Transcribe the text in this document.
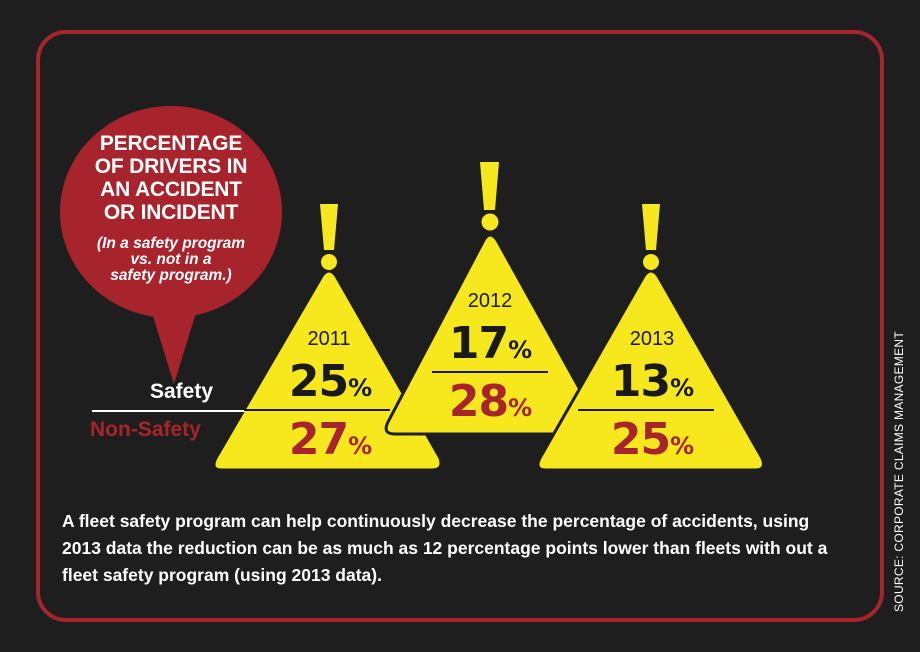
PERCENTAGE
OF DRIVERS IN
AN ACCIDENT
OR INCIDENT
(In a safety program
vs. not in a
safety program.)
Safety
Non-Safety
2011
25%
27%
2012
17%
28%
2013
13%
25%
A fleet safety program can help continuously decrease the percentage of accidents, using 2013 data the reduction can be as much as 12 percentage points lower than fleets with out a fleet safety program (using 2013 data).	SOURCE: CORPORATE CLAIMS MANAGEMENT
